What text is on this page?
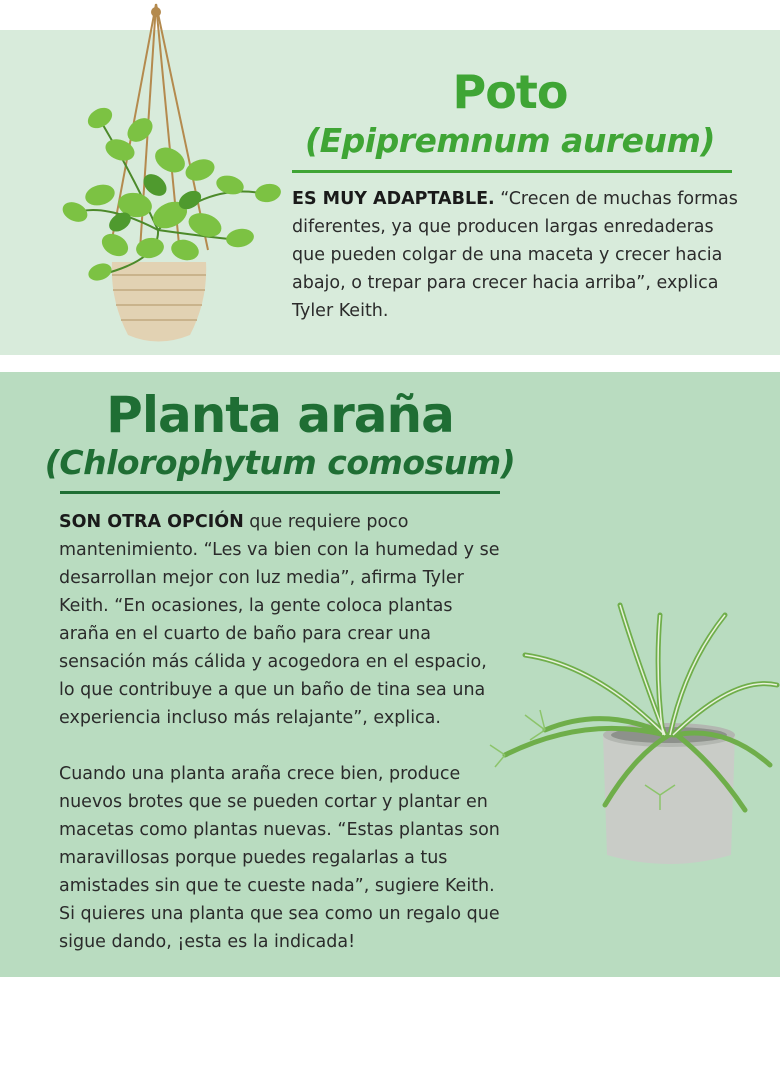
Poto
(Epipremnum aureum)

ES MUY ADAPTABLE. “Crecen de muchas formas diferentes, ya que producen largas enredaderas que pueden colgar de una maceta y crecer hacia abajo, o trepar para crecer hacia arriba”, explica Tyler Keith.

Planta araña
(Chlorophytum comosum)

SON OTRA OPCIÓN que requiere poco mantenimiento. “Les va bien con la humedad y se desarrollan mejor con luz media”, afirma Tyler Keith. “En ocasiones, la gente coloca plantas araña en el cuarto de baño para crear una sensación más cálida y acogedora en el espacio, lo que contribuye a que un baño de tina sea una experiencia incluso más relajante”, explica.

Cuando una planta araña crece bien, produce nuevos brotes que se pueden cortar y plantar en macetas como plantas nuevas. “Estas plantas son maravillosas porque puedes regalarlas a tus amistades sin que te cueste nada”, sugiere Keith. Si quieres una planta que sea como un regalo que sigue dando, ¡esta es la indicada!
